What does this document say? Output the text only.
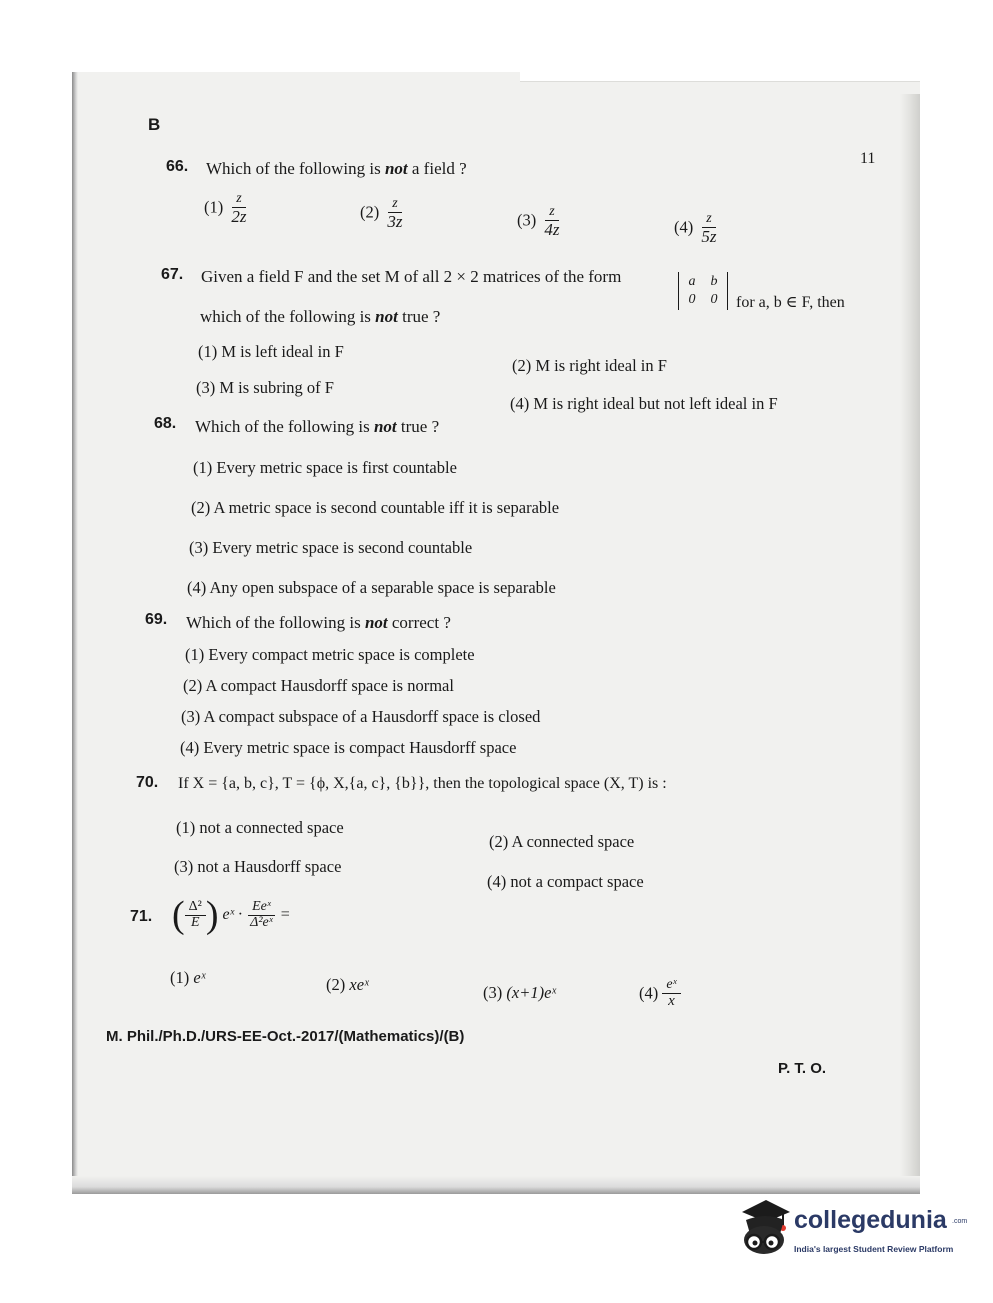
B
11
66. Which of the following is not a field ?
$(1) \frac{z}{2z}$	$(2) \frac{z}{3z}$	$(3) \frac{z}{4z}$	$(4) \frac{z}{5z}$
67. Given a field F and the set M of all 2 × 2 matrices of the form	a	b
0	0	for a, b ∈ F, then
which of the following is not true ?
(1) M is left ideal in F
(2) M is right ideal in F
(3) M is subring of F
(4) M is right ideal but not left ideal in F
68. Which of the following is not true ?
(1) Every metric space is first countable
(2) A metric space is second countable iff it is separable
(3) Every metric space is second countable
(4) Any open subspace of a separable space is separable
69. Which of the following is not correct ?
(1) Every compact metric space is complete
(2) A compact Hausdorff space is normal
(3) A compact subspace of a Hausdorff space is closed
(4) Every metric space is compact Hausdorff space
70. If X = {a, b, c}, T = {ϕ, X,{a, c}, {b}}, then the topological space (X, T) is :
(1) not a connected space
(2) A connected space
(3) not a Hausdorff space
(4) not a compact space
71. ( $\frac{\text{Δ²}}{E}$ ) eˣ · $\frac{\text{Eeˣ}}{\text{Δ²eˣ}}$ =
(1) eˣ	(2) xeˣ	(3) (x+1)eˣ	$(4) \frac{\text{eˣ}}{x}$
M. Phil./Ph.D./URS-EE-Oct.-2017/(Mathematics)/(B)
P. T. O.
collegedunia .com
India's largest Student Review Platform
